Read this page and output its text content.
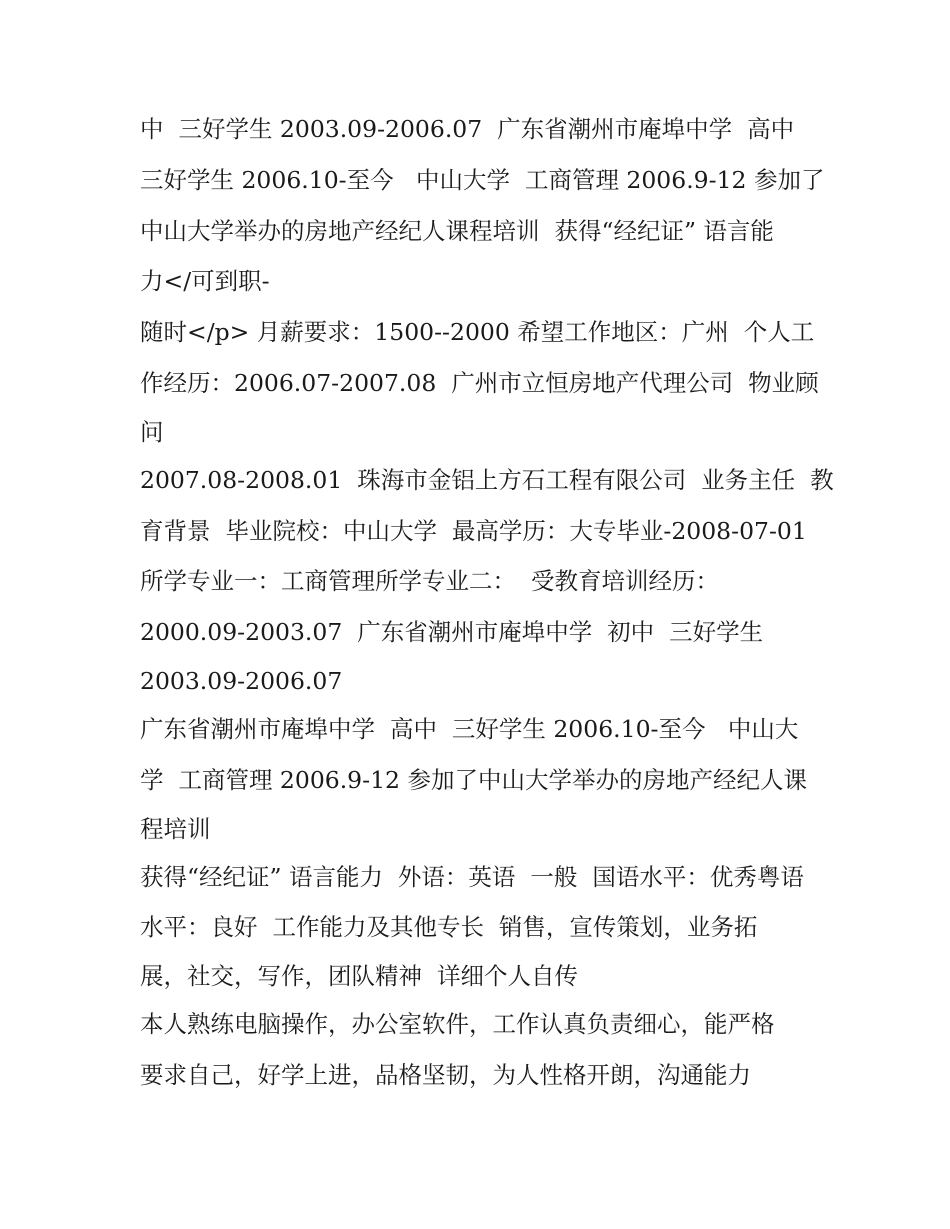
中  三好学生 2003.09-2006.07  广东省潮州市庵埠中学  高中
三好学生 2006.10-至今   中山大学  工商管理 2006.9-12 参加了
中山大学举办的房地产经纪人课程培训  获得“经纪证” 语言能
力</可到职-
随时</p> 月薪要求：1500--2000 希望工作地区：广州  个人工
作经历：2006.07-2007.08  广州市立恒房地产代理公司  物业顾
问
2007.08-2008.01  珠海市金铝上方石工程有限公司  业务主任  教
育背景  毕业院校：中山大学  最高学历：大专毕业-2008-07-01
所学专业一：工商管理所学专业二：  受教育培训经历：
2000.09-2003.07  广东省潮州市庵埠中学  初中  三好学生
2003.09-2006.07
广东省潮州市庵埠中学  高中  三好学生 2006.10-至今   中山大
学  工商管理 2006.9-12 参加了中山大学举办的房地产经纪人课
程培训
获得“经纪证” 语言能力  外语：英语  一般  国语水平：优秀粤语
水平：良好  工作能力及其他专长  销售，宣传策划，业务拓
展，社交，写作，团队精神  详细个人自传
本人熟练电脑操作，办公室软件，工作认真负责细心，能严格
要求自己，好学上进，品格坚韧，为人性格开朗，沟通能力
